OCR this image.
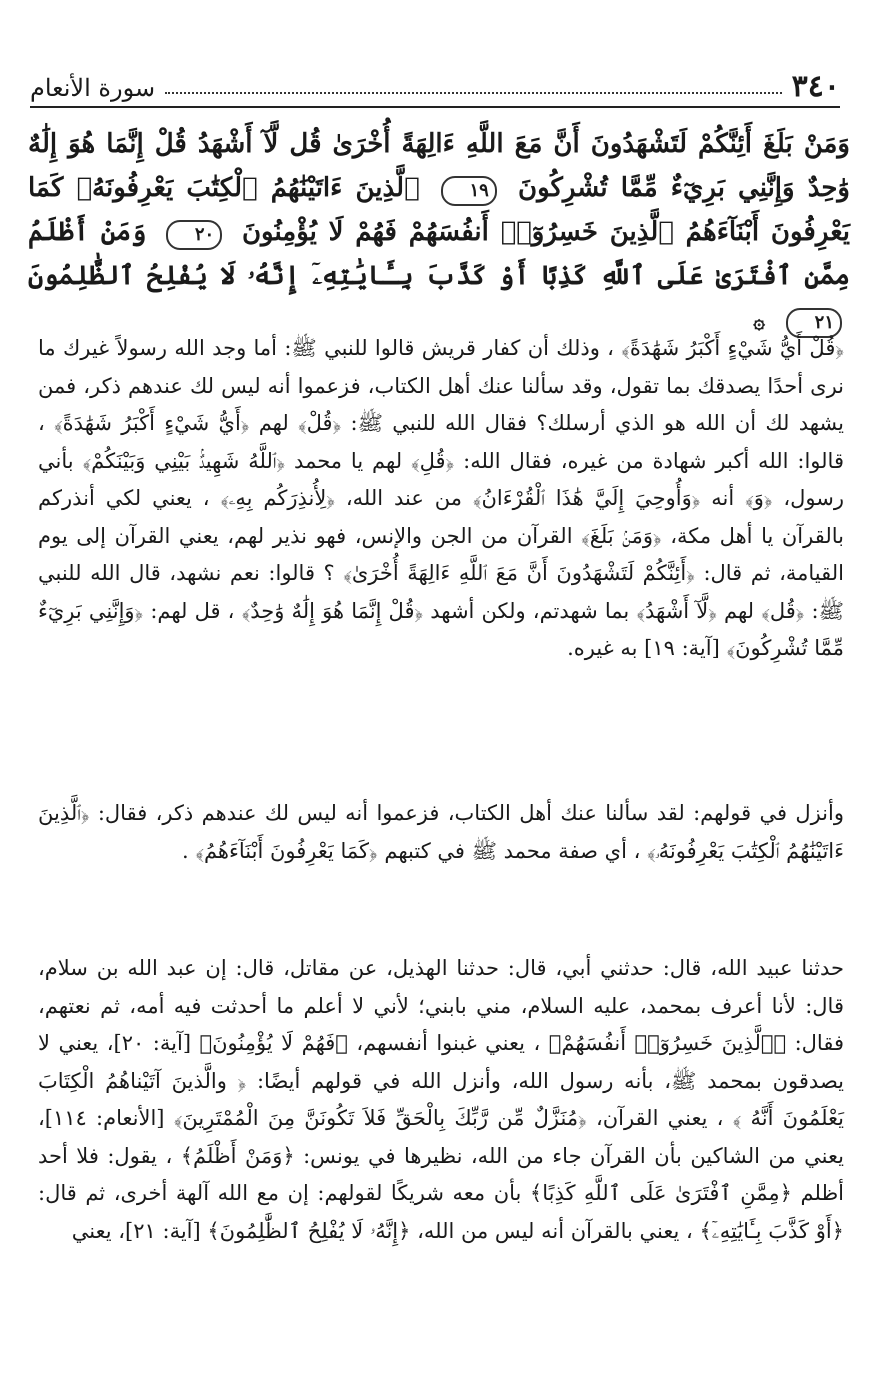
٣٤٠
سورة الأنعام
وَمَنْ بَلَغَ أَئِنَّكُمْ لَتَشْهَدُونَ أَنَّ مَعَ اللَّهِ ءَالِهَةً أُخْرَىٰ قُل لَّآ أَشْهَدُ قُلْ إِنَّمَا هُوَ إِلَٰهٌ وَٰحِدٌ وَإِنَّنِي بَرِيٓءٌ مِّمَّا تُشْرِكُونَ ١٩ ٱلَّذِينَ ءَاتَيْنَٰهُمُ ٱلْكِتَٰبَ يَعْرِفُونَهُۥ كَمَا يَعْرِفُونَ أَبْنَآءَهُمُ ٱلَّذِينَ خَسِرُوٓا۟ أَنفُسَهُمْ فَهُمْ لَا يُؤْمِنُونَ ٢٠ وَمَنْ أَظْلَمُ مِمَّنِ ٱفْتَرَىٰ عَلَى ٱللَّهِ كَذِبًا أَوْ كَذَّبَ بِـَٔايَٰتِهِۦٓ إِنَّهُۥ لَا يُفْلِحُ ٱلظَّٰلِمُونَ ٢١ ۞
﴿قُلْ أَيُّ شَيْءٍ أَكْبَرُ شَهَٰدَةً﴾ ، وذلك أن كفار قريش قالوا للنبي ﷺ: أما وجد الله رسولاً غيرك ما نرى أحدًا يصدقك بما تقول، وقد سألنا عنك أهل الكتاب، فزعموا أنه ليس لك عندهم ذكر، فمن يشهد لك أن الله هو الذي أرسلك؟ فقال الله للنبي ﷺ: ﴿قُلْ﴾ لهم ﴿أَيُّ شَيْءٍ أَكْبَرُ شَهَٰدَةً﴾ ، قالوا: الله أكبر شهادة من غيره، فقال الله: ﴿قُلِ﴾ لهم يا محمد ﴿ٱللَّهُ شَهِيدٌۢ بَيْنِي وَبَيْنَكُمْ﴾ بأني رسول، ﴿وَ﴾ أنه ﴿وَأُوحِيَ إِلَيَّ هَٰذَا ٱلْقُرْءَانُ﴾ من عند الله، ﴿لِأُنذِرَكُم بِهِۦ﴾ ، يعني لكي أنذركم بالقرآن يا أهل مكة، ﴿وَمَنۢ بَلَغَ﴾ القرآن من الجن والإنس، فهو نذير لهم، يعني القرآن إلى يوم القيامة، ثم قال: ﴿أَئِنَّكُمْ لَتَشْهَدُونَ أَنَّ مَعَ ٱللَّهِ ءَالِهَةً أُخْرَىٰ﴾ ؟ قالوا: نعم نشهد، قال الله للنبي ﷺ: ﴿قُل﴾ لهم ﴿لَّآ أَشْهَدُ﴾ بما شهدتم، ولكن أشهد ﴿قُلْ إِنَّمَا هُوَ إِلَٰهٌ وَٰحِدٌ﴾ ، قل لهم: ﴿وَإِنَّنِي بَرِيٓءٌ مِّمَّا تُشْرِكُونَ﴾ [آية: ١٩] به غيره.
وأنزل في قولهم: لقد سألنا عنك أهل الكتاب، فزعموا أنه ليس لك عندهم ذكر، فقال: ﴿ٱلَّذِينَ ءَاتَيْنَٰهُمُ ٱلْكِتَٰبَ يَعْرِفُونَهُۥ﴾ ، أي صفة محمد ﷺ في كتبهم ﴿كَمَا يَعْرِفُونَ أَبْنَآءَهُمُ﴾ .
حدثنا عبيد الله، قال: حدثني أبي، قال: حدثنا الهذيل، عن مقاتل، قال: إن عبد الله بن سلام، قال: لأنا أعرف بمحمد، عليه السلام، مني بابني؛ لأني لا أعلم ما أحدثت فيه أمه، ثم نعتهم، فقال: ﴿ٱلَّذِينَ خَسِرُوٓا۟ أَنفُسَهُمْ﴾ ، يعني غبنوا أنفسهم، ﴿فَهُمْ لَا يُؤْمِنُونَ﴾ [آية: ٢٠]، يعني لا يصدقون بمحمد ﷺ، بأنه رسول الله، وأنزل الله في قولهم أيضًا: ﴿ والَّذينَ آتَيْناهُمُ الْكِتَابَ يَعْلَمُونَ أَنَّهُ ﴾ ، يعني القرآن، ﴿مُنَزَّلٌ مِّن رَّبِّكَ بِالْحَقِّ فَلاَ تَكُونَنَّ مِنَ الْمُمْتَرِينَ﴾ [الأنعام: ١١٤]، يعني من الشاكين بأن القرآن جاء من الله، نظيرها في يونس: ﴿وَمَنْ أَظْلَمُ﴾ ، يقول: فلا أحد أظلم ﴿مِمَّنِ ٱفْتَرَىٰ عَلَى ٱللَّهِ كَذِبًا﴾ بأن معه شريكًا لقولهم: إن مع الله آلهة أخرى، ثم قال: ﴿أَوْ كَذَّبَ بِـَٔايَٰتِهِۦٓ﴾ ، يعني بالقرآن أنه ليس من الله، ﴿إِنَّهُۥ لَا يُفْلِحُ ٱلظَّٰلِمُونَ﴾ [آية: ٢١]، يعني
